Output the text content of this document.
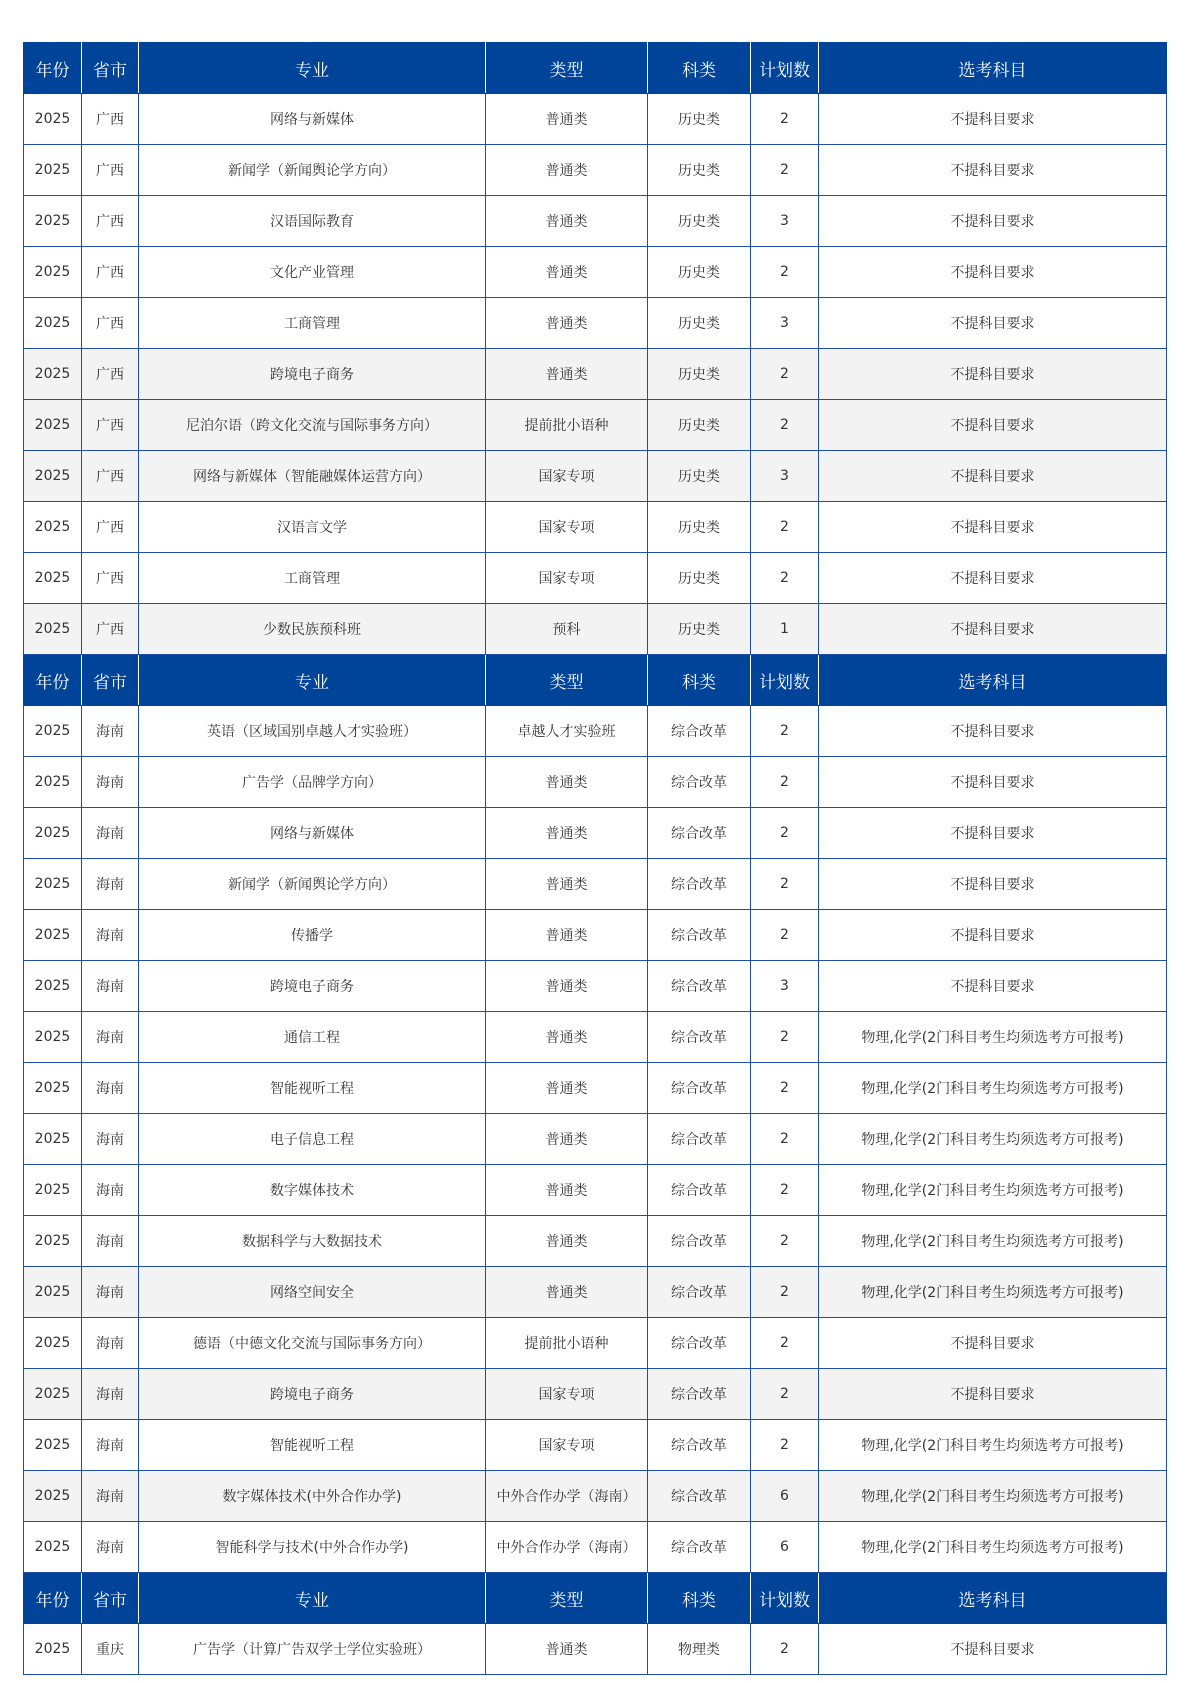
年份	省市	专业	类型	科类	计划数	选考科目
2025	广西	网络与新媒体	普通类	历史类	2	不提科目要求
2025	广西	新闻学（新闻舆论学方向）	普通类	历史类	2	不提科目要求
2025	广西	汉语国际教育	普通类	历史类	3	不提科目要求
2025	广西	文化产业管理	普通类	历史类	2	不提科目要求
2025	广西	工商管理	普通类	历史类	3	不提科目要求
2025	广西	跨境电子商务	普通类	历史类	2	不提科目要求
2025	广西	尼泊尔语（跨文化交流与国际事务方向）	提前批小语种	历史类	2	不提科目要求
2025	广西	网络与新媒体（智能融媒体运营方向）	国家专项	历史类	3	不提科目要求
2025	广西	汉语言文学	国家专项	历史类	2	不提科目要求
2025	广西	工商管理	国家专项	历史类	2	不提科目要求
2025	广西	少数民族预科班	预科	历史类	1	不提科目要求
年份	省市	专业	类型	科类	计划数	选考科目
2025	海南	英语（区域国别卓越人才实验班）	卓越人才实验班	综合改革	2	不提科目要求
2025	海南	广告学（品牌学方向）	普通类	综合改革	2	不提科目要求
2025	海南	网络与新媒体	普通类	综合改革	2	不提科目要求
2025	海南	新闻学（新闻舆论学方向）	普通类	综合改革	2	不提科目要求
2025	海南	传播学	普通类	综合改革	2	不提科目要求
2025	海南	跨境电子商务	普通类	综合改革	3	不提科目要求
2025	海南	通信工程	普通类	综合改革	2	物理,化学(2门科目考生均须选考方可报考)
2025	海南	智能视听工程	普通类	综合改革	2	物理,化学(2门科目考生均须选考方可报考)
2025	海南	电子信息工程	普通类	综合改革	2	物理,化学(2门科目考生均须选考方可报考)
2025	海南	数字媒体技术	普通类	综合改革	2	物理,化学(2门科目考生均须选考方可报考)
2025	海南	数据科学与大数据技术	普通类	综合改革	2	物理,化学(2门科目考生均须选考方可报考)
2025	海南	网络空间安全	普通类	综合改革	2	物理,化学(2门科目考生均须选考方可报考)
2025	海南	德语（中德文化交流与国际事务方向）	提前批小语种	综合改革	2	不提科目要求
2025	海南	跨境电子商务	国家专项	综合改革	2	不提科目要求
2025	海南	智能视听工程	国家专项	综合改革	2	物理,化学(2门科目考生均须选考方可报考)
2025	海南	数字媒体技术(中外合作办学)	中外合作办学（海南）	综合改革	6	物理,化学(2门科目考生均须选考方可报考)
2025	海南	智能科学与技术(中外合作办学)	中外合作办学（海南）	综合改革	6	物理,化学(2门科目考生均须选考方可报考)
年份	省市	专业	类型	科类	计划数	选考科目
2025	重庆	广告学（计算广告双学士学位实验班）	普通类	物理类	2	不提科目要求
